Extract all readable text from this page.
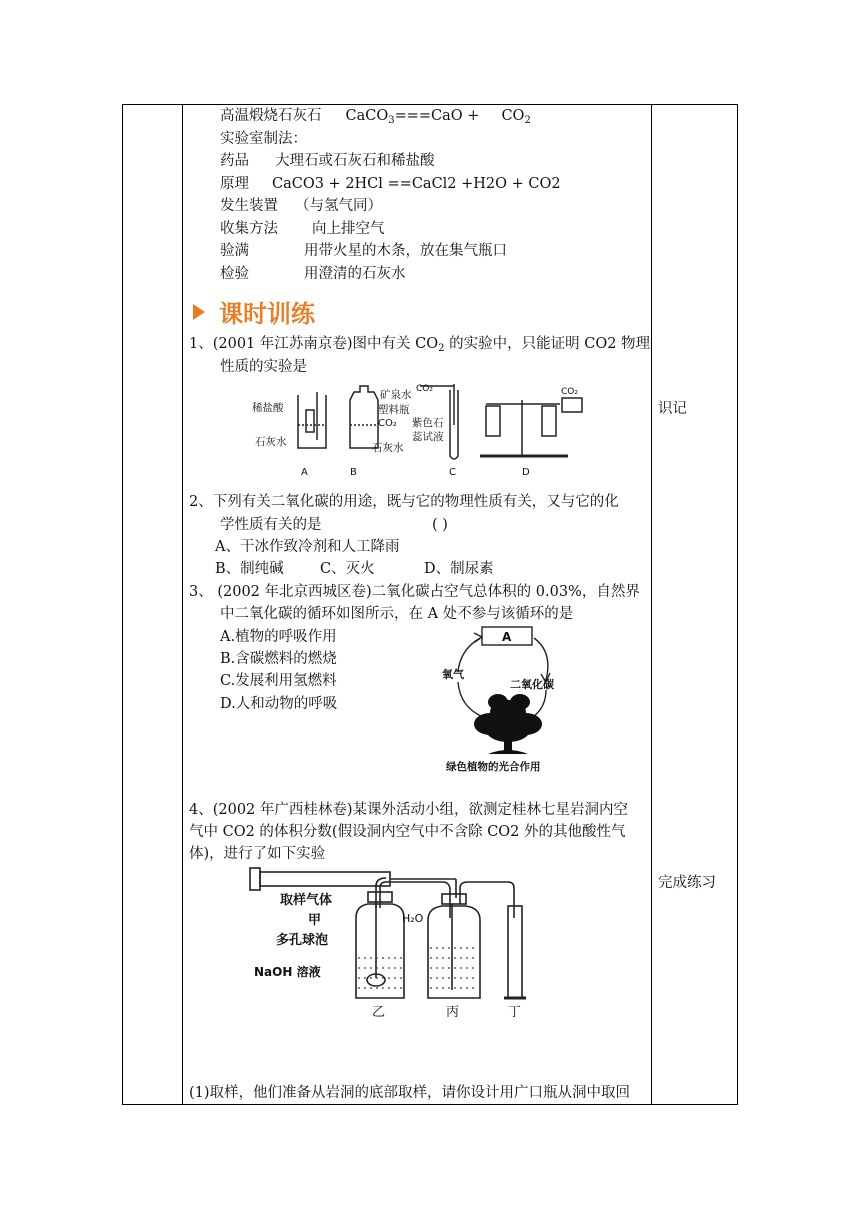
高温煅烧石灰石 CaCO$_3$===CaO + $CO_2$
实验室制法：
药品 大理石或石灰石和稀盐酸
原理 CaCO3 + 2HCl ==CaCl2 +H2O + CO2
发生装置 （与氢气同）
收集方法 向上排空气
验满	用带火星的木条，放在集气瓶口
检验	用澄清的石灰水
课时训练
1、(2001 年江苏南京卷)图中有关 $CO_2$ 的实验中，只能证明 CO2 物理
性质的实验是
稀盐酸
石灰水
矿泉水
塑料瓶
CO₂
石灰水
CO₂
紫色石
蕊试液
CO₂
A	B	C	D
2、下列有关二氧化碳的用途，既与它的物理性质有关，又与它的化
学性质有关的是	( )
A、干冰作致冷剂和人工降雨
B、制纯碱	C、灭火	D、制尿素
3、 (2002 年北京西城区卷)二氧化碳占空气总体积的 0.03%，自然界
中二氧化碳的循环如图所示，在 A 处不参与该循环的是
A.植物的呼吸作用
B.含碳燃料的燃烧
C.发展利用氢燃料
D.人和动物的呼吸
A
氧气
二氧化碳
绿色植物的光合作用
4、(2002 年广西桂林卷)某课外活动小组，欲测定桂林七星岩洞内空
气中 CO2 的体积分数(假设洞内空气中不含除 CO2 外的其他酸性气
体)，进行了如下实验
取样气体
甲
多孔球泡
NaOH 溶液
H₂O
乙	丙	丁
(1)取样，他们准备从岩洞的底部取样，请你设计用广口瓶从洞中取回
识记
完成练习
